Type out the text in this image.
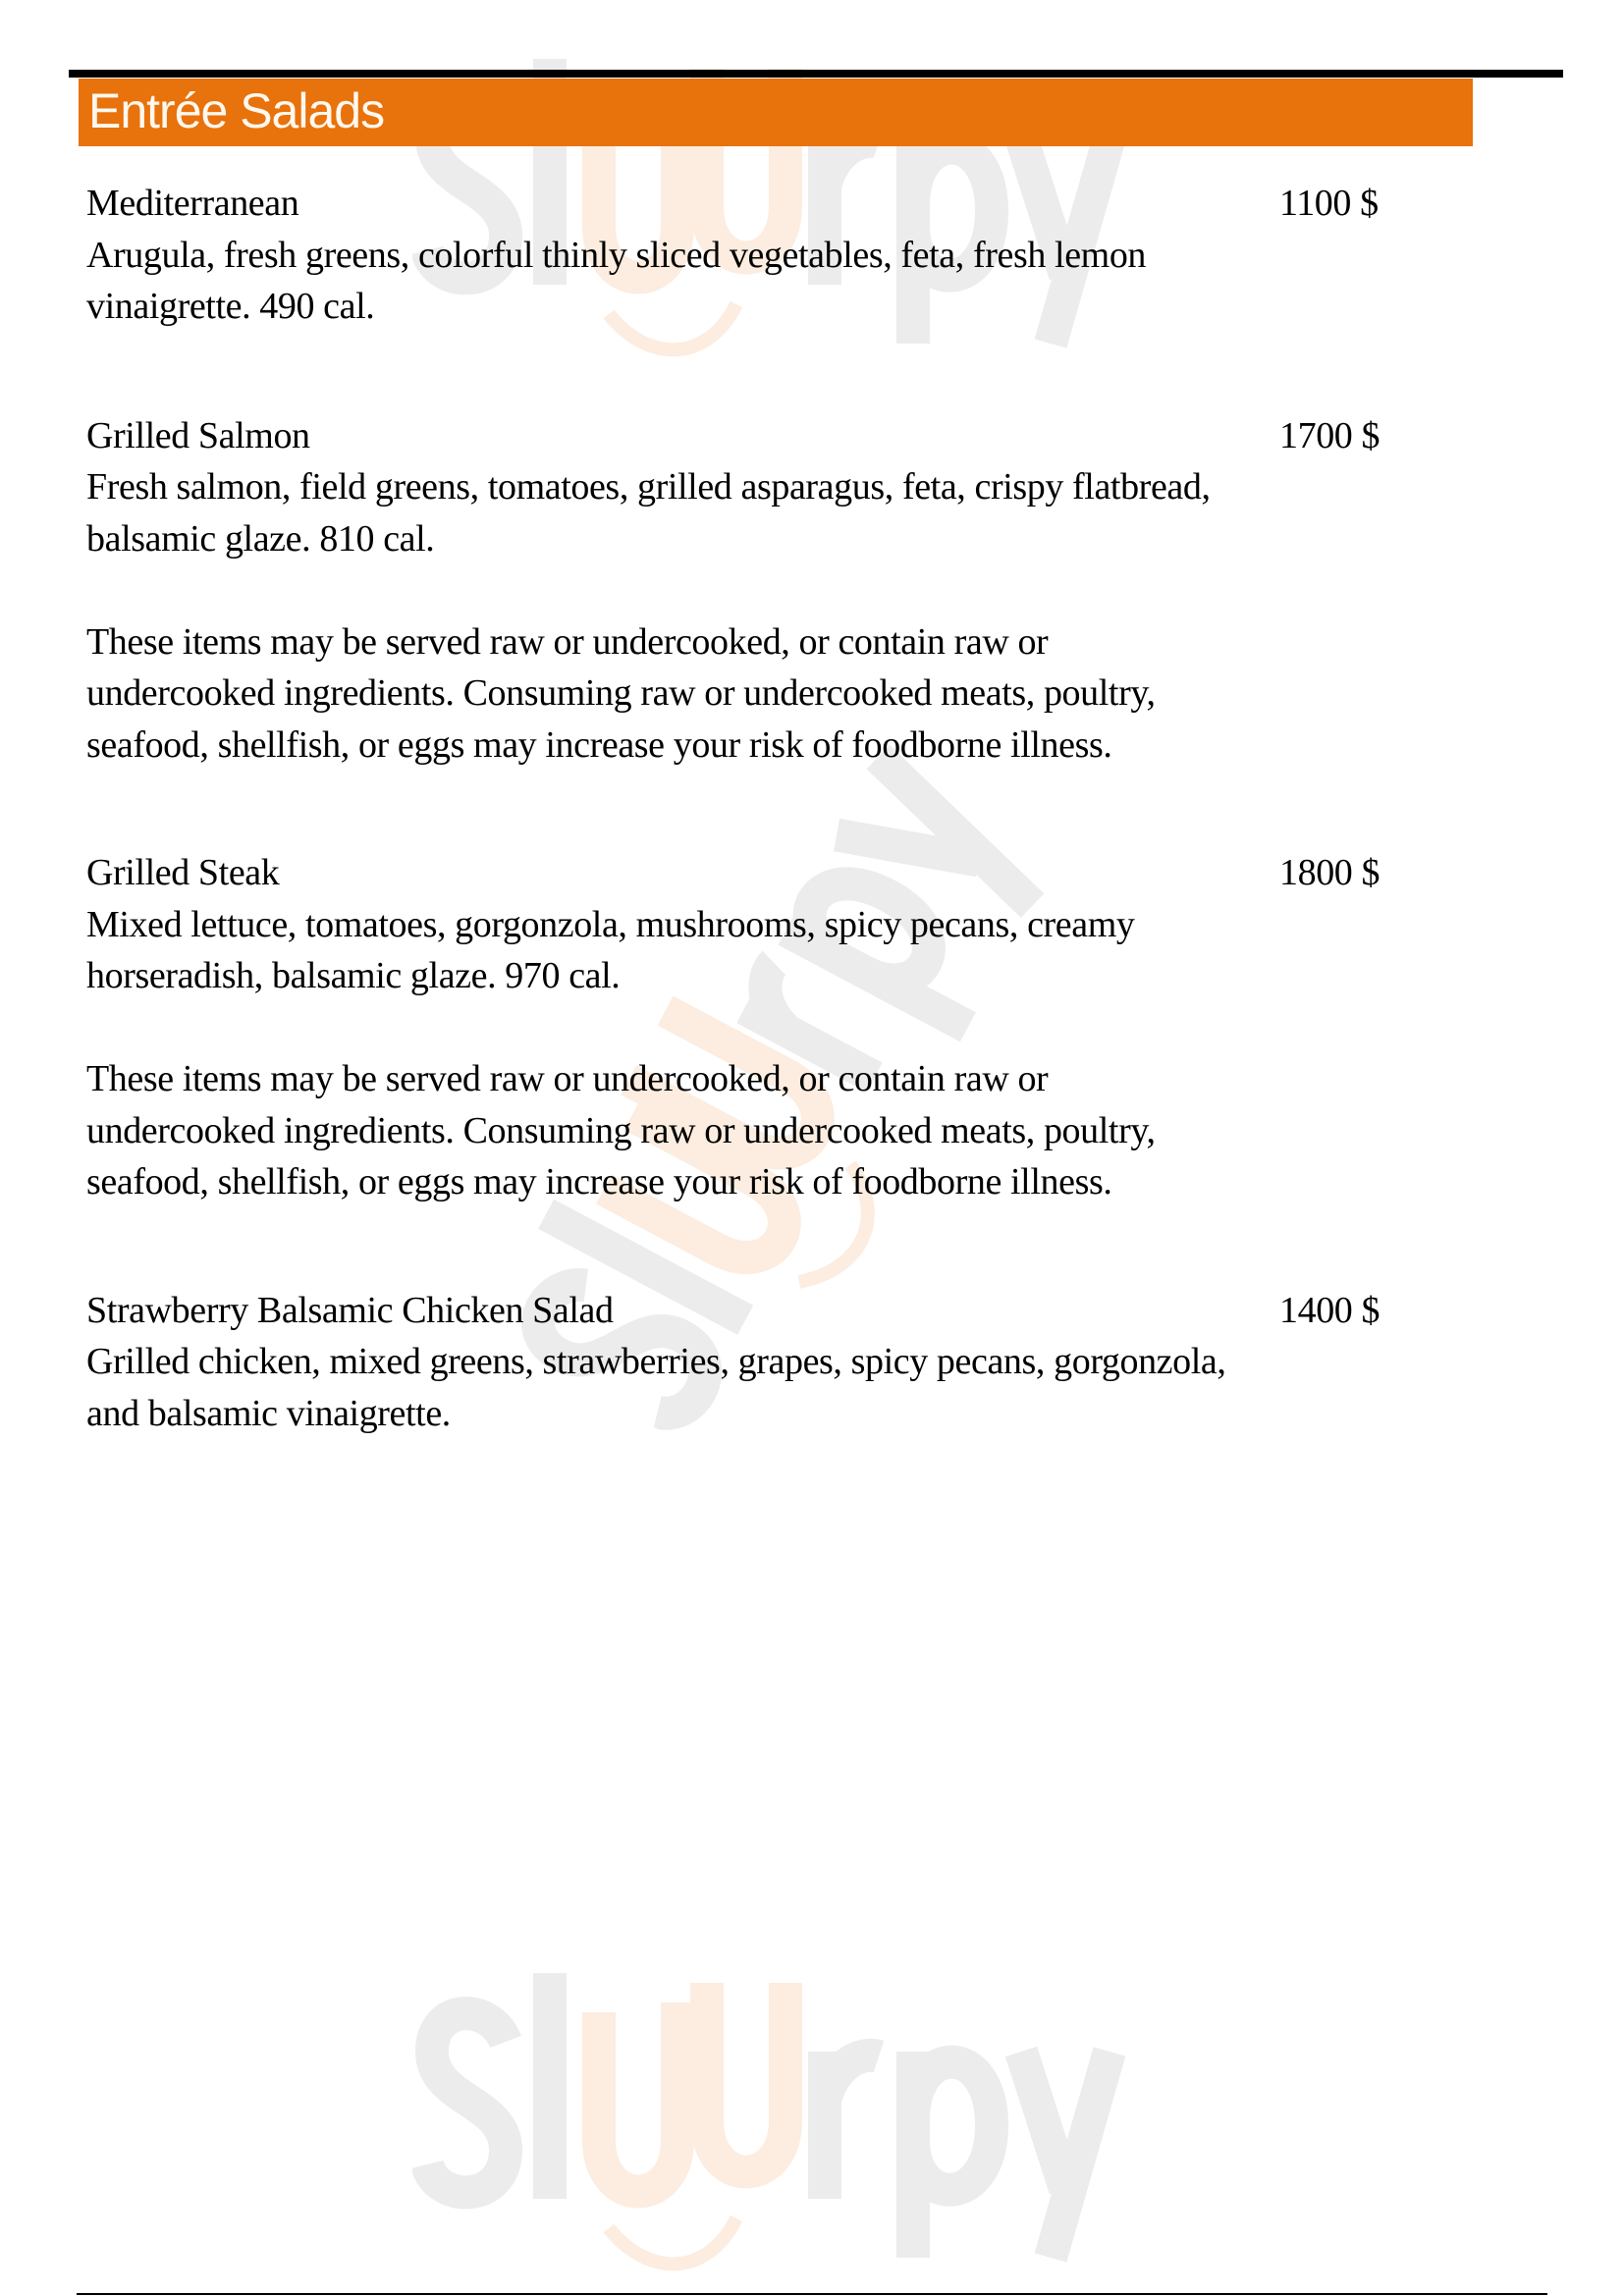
Entrée Salads
Mediterranean
Arugula, fresh greens, colorful thinly sliced vegetables, feta, fresh lemon vinaigrette. 490 cal.
1100 $
Grilled Salmon
Fresh salmon, field greens, tomatoes, grilled asparagus, feta, crispy flatbread, balsamic glaze. 810 cal.
1700 $
These items may be served raw or undercooked, or contain raw or undercooked ingredients. Consuming raw or undercooked meats, poultry, seafood, shellfish, or eggs may increase your risk of foodborne illness.
Grilled Steak
Mixed lettuce, tomatoes, gorgonzola, mushrooms, spicy pecans, creamy horseradish, balsamic glaze. 970 cal.
1800 $
These items may be served raw or undercooked, or contain raw or undercooked ingredients. Consuming raw or undercooked meats, poultry, seafood, shellfish, or eggs may increase your risk of foodborne illness.
Strawberry Balsamic Chicken Salad
Grilled chicken, mixed greens, strawberries, grapes, spicy pecans, gorgonzola, and balsamic vinaigrette.
1400 $
